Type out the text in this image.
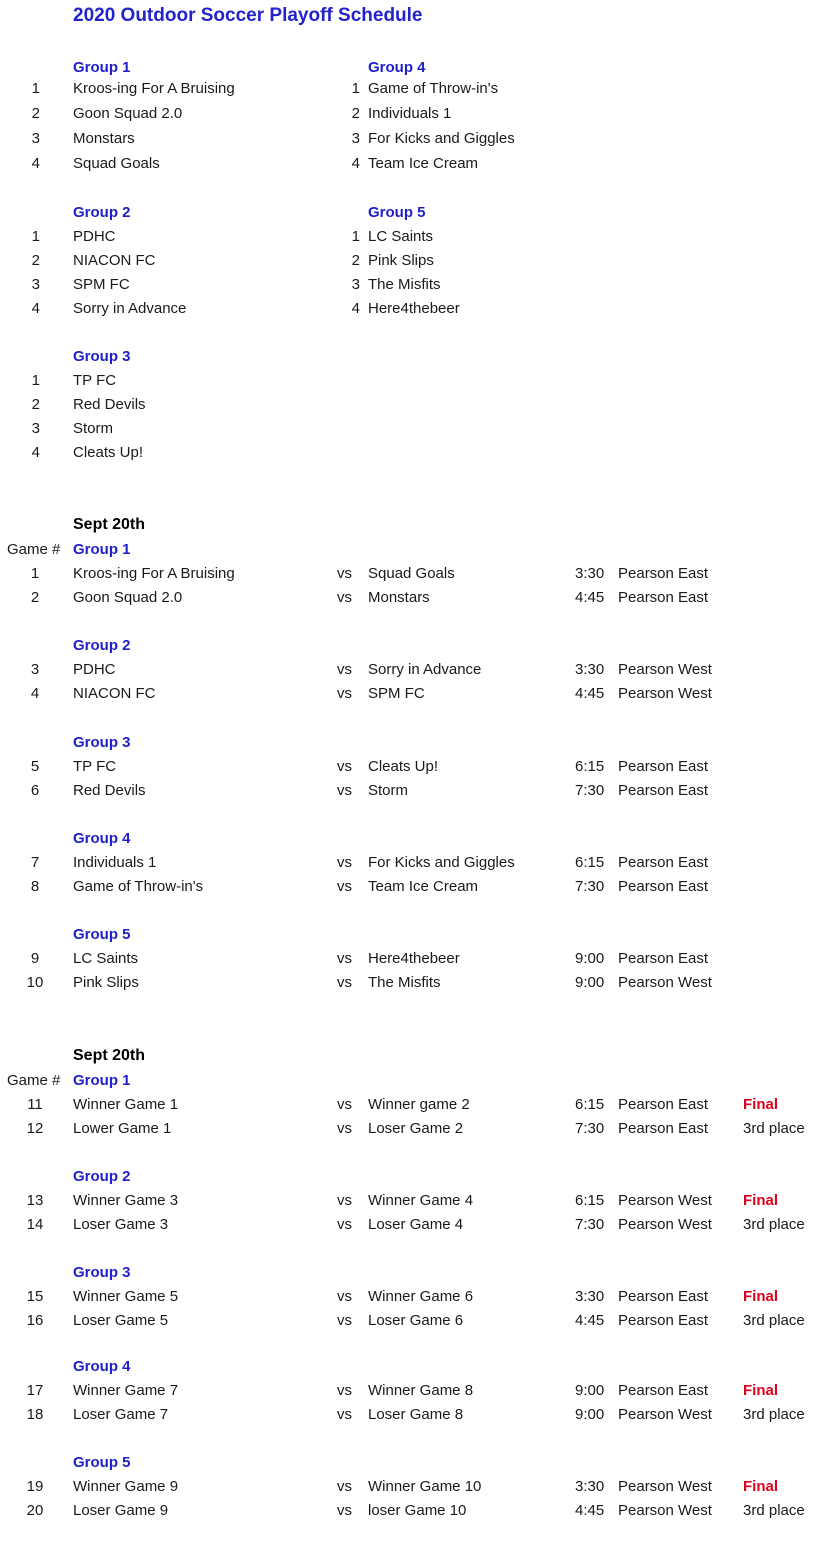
2020 Outdoor Soccer Playoff Schedule
Group 1
1 Kroos-ing For A Bruising
2 Goon Squad 2.0
3 Monstars
4 Squad Goals
Group 4
1 Game of Throw-in's
2 Individuals 1
3 For Kicks and Giggles
4 Team Ice Cream
Group 2
1 PDHC
2 NIACON FC
3 SPM FC
4 Sorry in Advance
Group 5
1 LC Saints
2 Pink Slips
3 The Misfits
4 Here4thebeer
Group 3
1 TP FC
2 Red Devils
3 Storm
4 Cleats Up!
Sept 20th
Game # Group 1
1	Kroos-ing For A Bruising	vs Squad Goals	3:30 Pearson East
2	Goon Squad 2.0	vs Monstars	4:45 Pearson East
Group 2
3	PDHC	vs Sorry in Advance	3:30 Pearson West
4	NIACON FC	vs SPM FC	4:45 Pearson West
Group 3
5	TP FC	vs Cleats Up!	6:15 Pearson East
6	Red Devils	vs Storm	7:30 Pearson East
Group 4
7	Individuals 1	vs For Kicks and Giggles	6:15 Pearson East
8	Game of Throw-in's	vs Team Ice Cream	7:30 Pearson East
Group 5
9	LC Saints	vs Here4thebeer	9:00 Pearson East
10	Pink Slips	vs The Misfits	9:00 Pearson West
Sept 20th
Game # Group 1
11	Winner Game 1	vs Winner game 2	6:15 Pearson East Final
12	Lower Game 1	vs Loser Game 2	7:30 Pearson East 3rd place
Group 2
13	Winner Game 3	vs Winner Game 4	6:15 Pearson West Final
14	Loser Game 3	vs Loser Game 4	7:30 Pearson West 3rd place
Group 3
15	Winner Game 5	vs Winner Game 6	3:30 Pearson East Final
16	Loser Game 5	vs Loser Game 6	4:45 Pearson East 3rd place
Group 4
17	Winner Game 7	vs Winner Game 8	9:00 Pearson East Final
18	Loser Game 7	vs Loser Game 8	9:00 Pearson West 3rd place
Group 5
19	Winner Game 9	vs Winner Game 10	3:30 Pearson West Final
20	Loser Game 9	vs loser Game 10	4:45 Pearson West 3rd place
